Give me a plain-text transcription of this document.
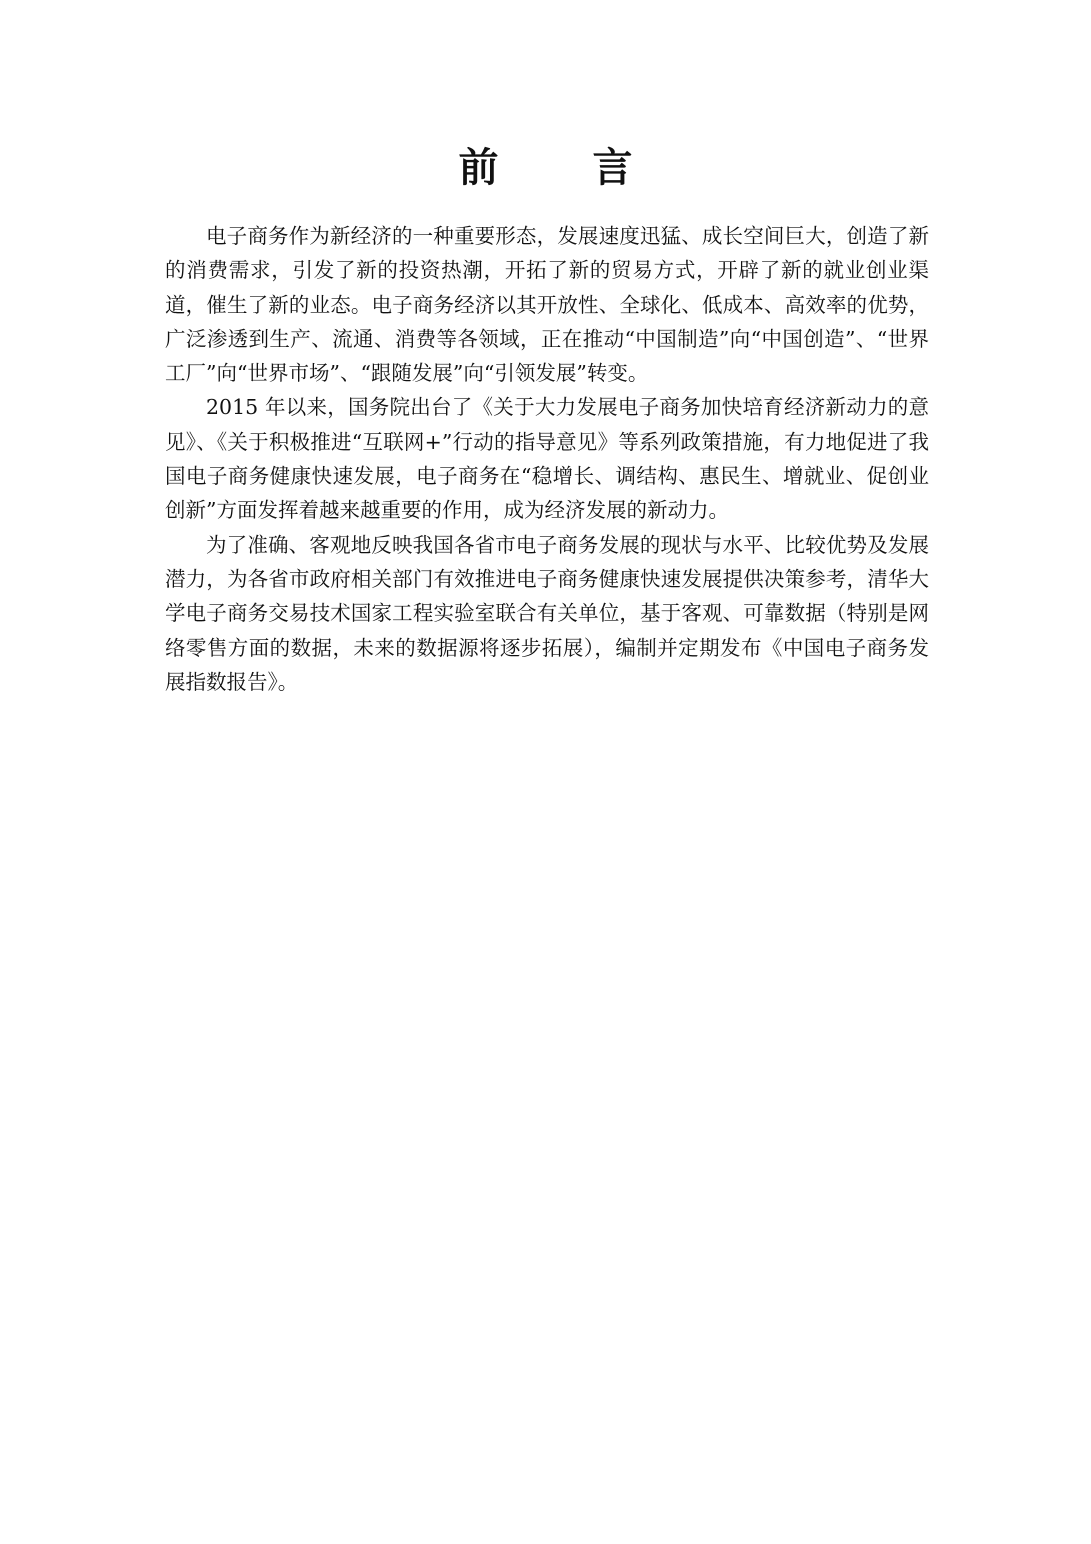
前 言

电子商务作为新经济的一种重要形态，发展速度迅猛、成长空间巨大，创造了新的消费需求，引发了新的投资热潮，开拓了新的贸易方式，开辟了新的就业创业渠道，催生了新的业态。电子商务经济以其开放性、全球化、低成本、高效率的优势，广泛渗透到生产、流通、消费等各领域，正在推动“中国制造”向“中国创造”、“世界工厂”向“世界市场”、“跟随发展”向“引领发展”转变。

2015 年以来，国务院出台了《关于大力发展电子商务加快培育经济新动力的意见》、《关于积极推进“互联网+”行动的指导意见》等系列政策措施，有力地促进了我国电子商务健康快速发展，电子商务在“稳增长、调结构、惠民生、增就业、促创业创新”方面发挥着越来越重要的作用，成为经济发展的新动力。

为了准确、客观地反映我国各省市电子商务发展的现状与水平、比较优势及发展潜力，为各省市政府相关部门有效推进电子商务健康快速发展提供决策参考，清华大学电子商务交易技术国家工程实验室联合有关单位，基于客观、可靠数据（特别是网络零售方面的数据，未来的数据源将逐步拓展），编制并定期发布《中国电子商务发展指数报告》。
